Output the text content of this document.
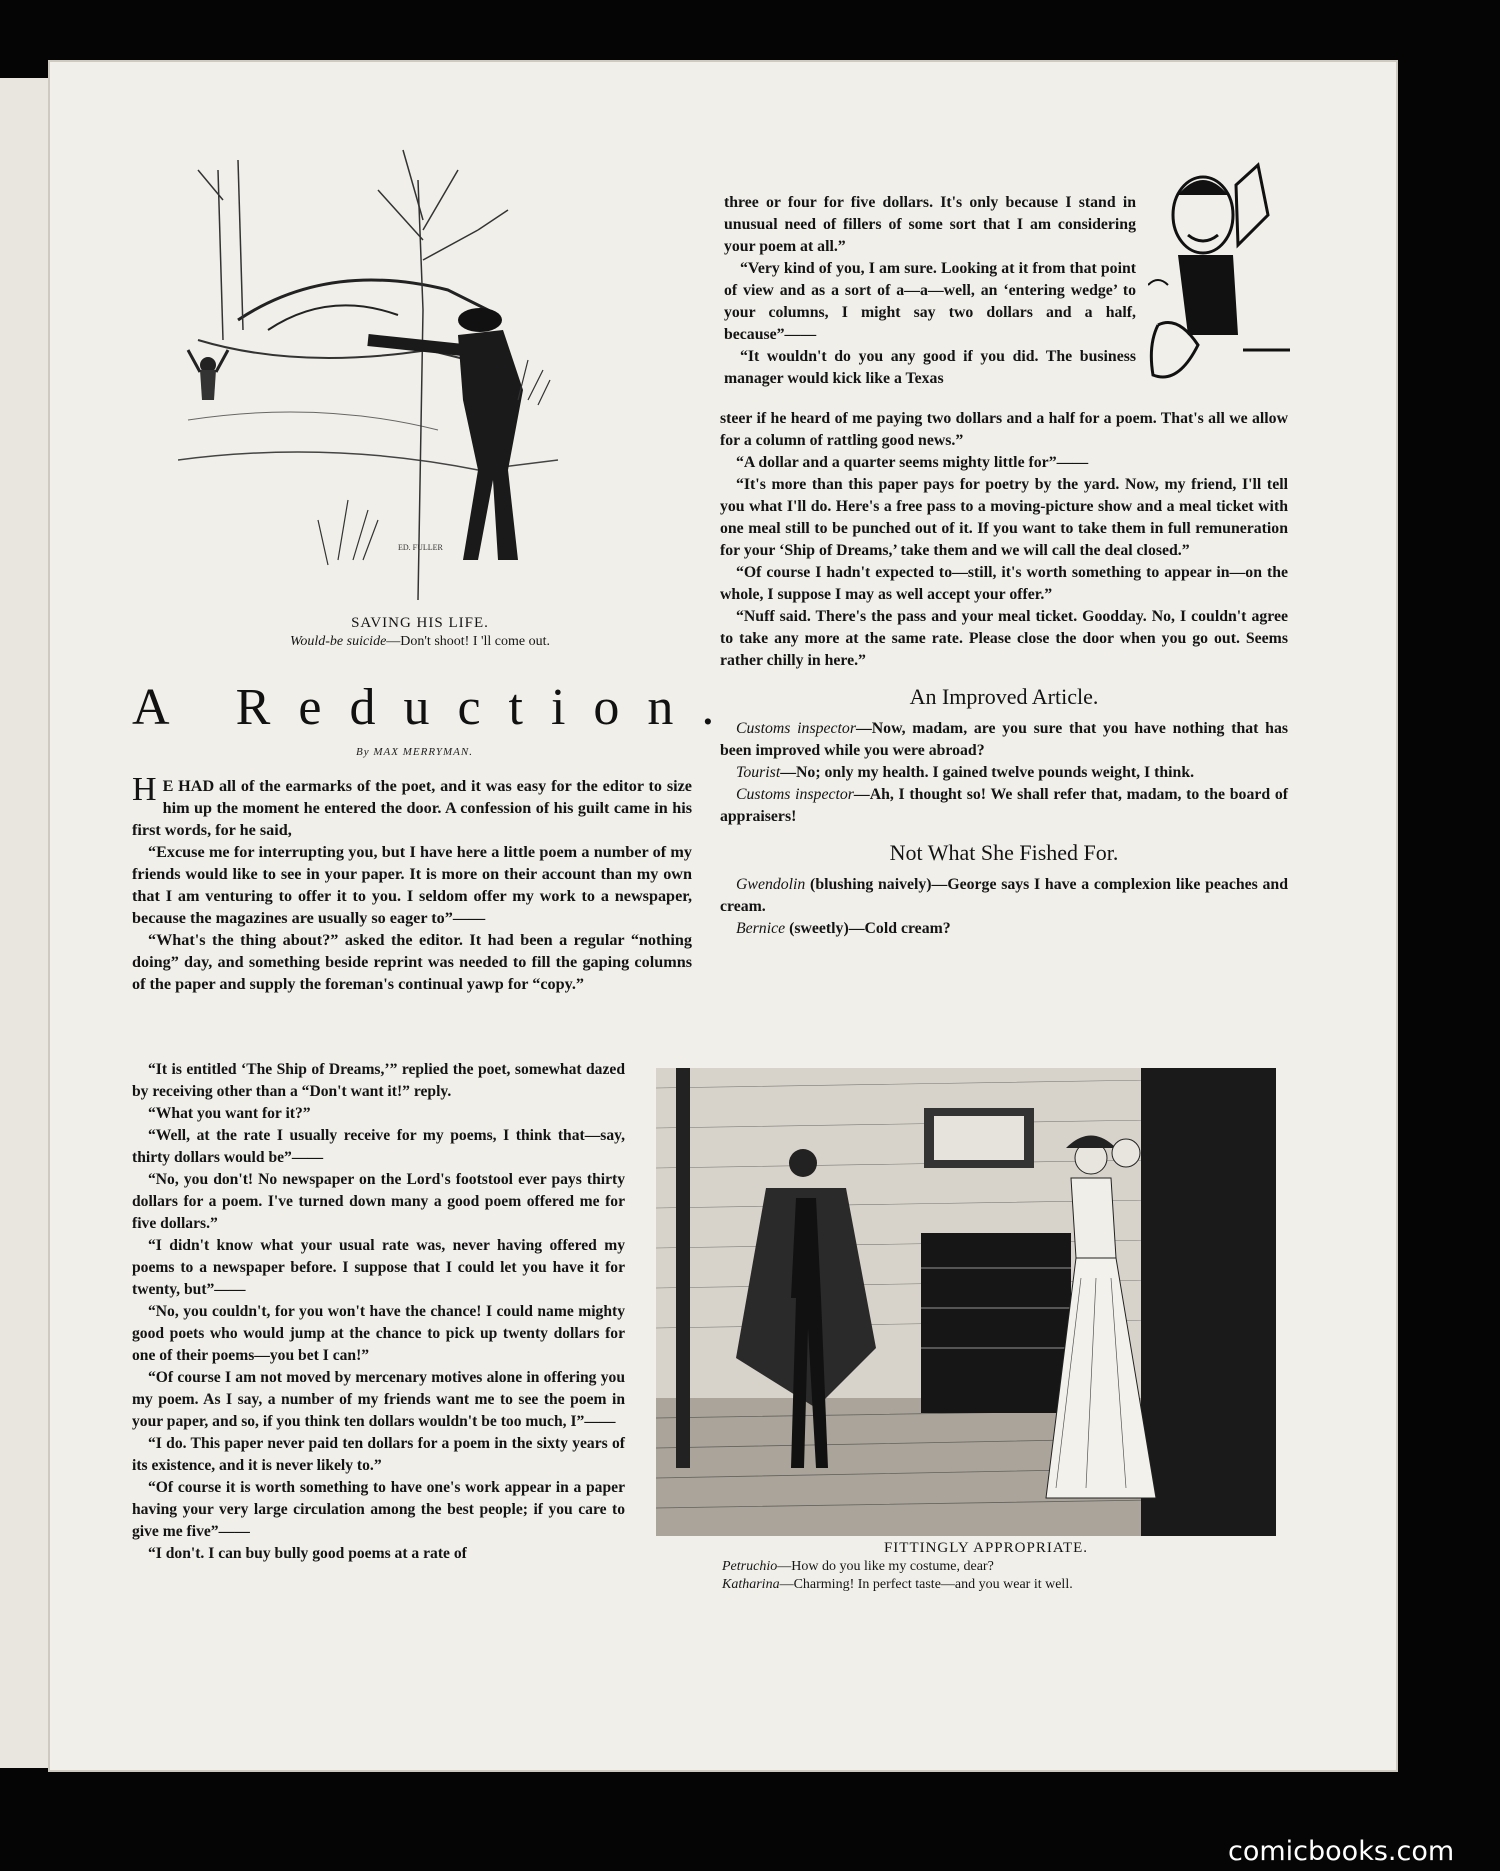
ED. FULLER
SAVING HIS LIFE.
Would-be suicide—Don't shoot! I 'll come out.
A Reduction.
By MAX MERRYMAN.

H E HAD all of the earmarks of the poet, and it was easy for the editor to size him up the moment he entered the door. A confession of his guilt came in his first words, for he said,

“Excuse me for interrupting you, but I have here a little poem a number of my friends would like to see in your paper. It is more on their account than my own that I am venturing to offer it to you. I seldom offer my work to a newspaper, because the magazines are usually so eager to”——

“What's the thing about?” asked the editor. It had been a regular “nothing doing” day, and something beside reprint was needed to fill the gaping columns of the paper and supply the foreman's continual yawp for “copy.”

“It is entitled ‘The Ship of Dreams,’” replied the poet, somewhat dazed by receiving other than a “Don't want it!” reply.

“What you want for it?”

“Well, at the rate I usually receive for my poems, I think that—say, thirty dollars would be”——

“No, you don't! No newspaper on the Lord's footstool ever pays thirty dollars for a poem. I've turned down many a good poem offered me for five dollars.”

“I didn't know what your usual rate was, never having offered my poems to a newspaper before. I suppose that I could let you have it for twenty, but”——

“No, you couldn't, for you won't have the chance! I could name mighty good poets who would jump at the chance to pick up twenty dollars for one of their poems—you bet I can!”

“Of course I am not moved by mercenary motives alone in offering you my poem. As I say, a number of my friends want me to see the poem in your paper, and so, if you think ten dollars wouldn't be too much, I”——

“I do. This paper never paid ten dollars for a poem in the sixty years of its existence, and it is never likely to.”

“Of course it is worth something to have one's work appear in a paper having your very large circulation among the best people; if you care to give me five”——

“I don't. I can buy bully good poems at a rate of

three or four for five dollars. It's only because I stand in unusual need of fillers of some sort that I am considering your poem at all.”

“Very kind of you, I am sure. Looking at it from that point of view and as a sort of a—a—well, an ‘entering wedge’ to your columns, I might say two dollars and a half, because”——

“It wouldn't do you any good if you did. The business manager would kick like a Texas

steer if he heard of me paying two dollars and a half for a poem. That's all we allow for a column of rattling good news.”

“A dollar and a quarter seems mighty little for”——

“It's more than this paper pays for poetry by the yard. Now, my friend, I'll tell you what I'll do. Here's a free pass to a moving-picture show and a meal ticket with one meal still to be punched out of it. If you want to take them in full remuneration for your ‘Ship of Dreams,’ take them and we will call the deal closed.”

“Of course I hadn't expected to—still, it's worth something to appear in—on the whole, I suppose I may as well accept your offer.”

“Nuff said. There's the pass and your meal ticket. Goodday. No, I couldn't agree to take any more at the same rate. Please close the door when you go out. Seems rather chilly in here.”

An Improved Article.

Customs inspector—Now, madam, are you sure that you have nothing that has been improved while you were abroad?

Tourist—No; only my health. I gained twelve pounds weight, I think.

Customs inspector—Ah, I thought so! We shall refer that, madam, to the board of appraisers!

Not What She Fished For.

Gwendolin (blushing naively)—George says I have a complexion like peaches and cream.

Bernice (sweetly)—Cold cream?

FITTINGLY APPROPRIATE.
Petruchio—How do you like my costume, dear?
Katharina—Charming! In perfect taste—and you wear it well.
comicbooks.com
